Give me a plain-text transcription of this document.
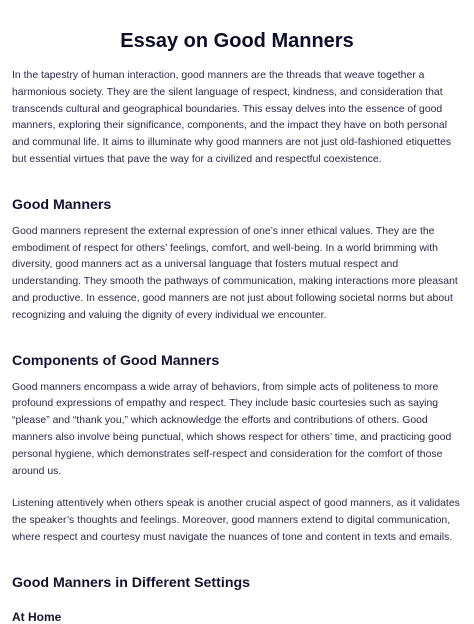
Essay on Good Manners

In the tapestry of human interaction, good manners are the threads that weave together a harmonious society. They are the silent language of respect, kindness, and consideration that transcends cultural and geographical boundaries. This essay delves into the essence of good manners, exploring their significance, components, and the impact they have on both personal and communal life. It aims to illuminate why good manners are not just old-fashioned etiquettes but essential virtues that pave the way for a civilized and respectful coexistence.

Good Manners

Good manners represent the external expression of one’s inner ethical values. They are the embodiment of respect for others’ feelings, comfort, and well-being. In a world brimming with diversity, good manners act as a universal language that fosters mutual respect and understanding. They smooth the pathways of communication, making interactions more pleasant and productive. In essence, good manners are not just about following societal norms but about recognizing and valuing the dignity of every individual we encounter.

Components of Good Manners

Good manners encompass a wide array of behaviors, from simple acts of politeness to more profound expressions of empathy and respect. They include basic courtesies such as saying “please” and “thank you,” which acknowledge the efforts and contributions of others. Good manners also involve being punctual, which shows respect for others’ time, and practicing good personal hygiene, which demonstrates self-respect and consideration for the comfort of those around us.

Listening attentively when others speak is another crucial aspect of good manners, as it validates the speaker’s thoughts and feelings. Moreover, good manners extend to digital communication, where respect and courtesy must navigate the nuances of tone and content in texts and emails.

Good Manners in Different Settings
At Home
